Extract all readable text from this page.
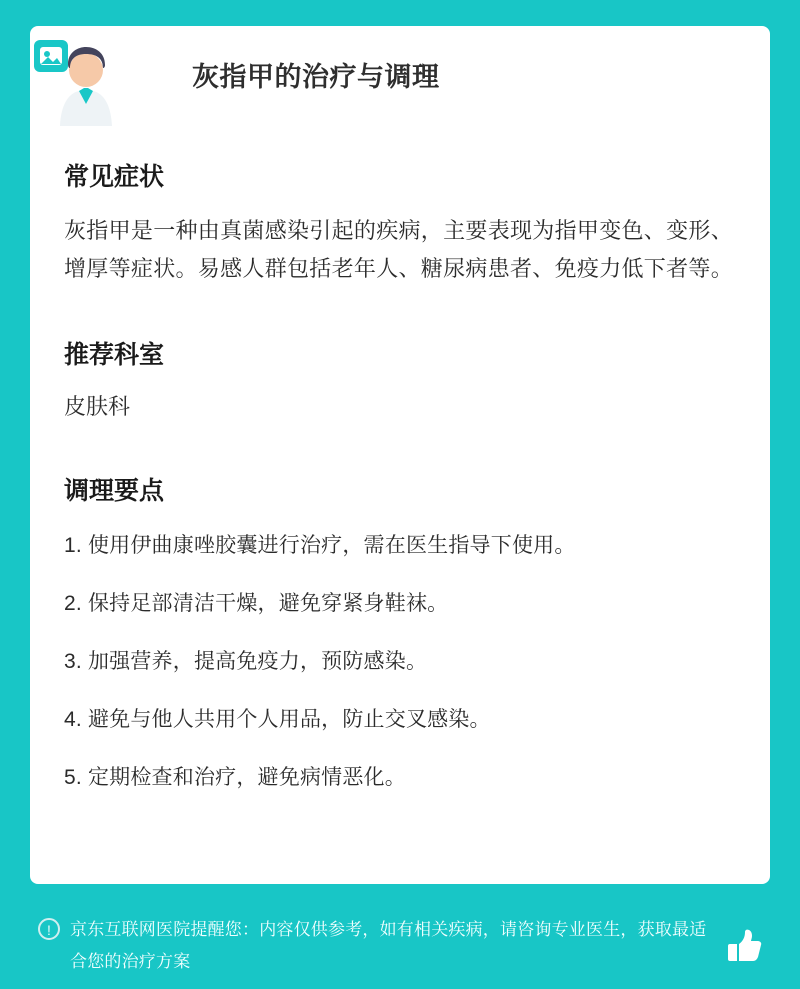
灰指甲的治疗与调理
常见症状

灰指甲是一种由真菌感染引起的疾病，主要表现为指甲变色、变形、增厚等症状。易感人群包括老年人、糖尿病患者、免疫力低下者等。

推荐科室

皮肤科

调理要点

1. 使用伊曲康唑胶囊进行治疗，需在医生指导下使用。

2. 保持足部清洁干燥，避免穿紧身鞋袜。

3. 加强营养，提高免疫力，预防感染。

4. 避免与他人共用个人用品，防止交叉感染。

5. 定期检查和治疗，避免病情恶化。

!	京东互联网医院提醒您：内容仅供参考，如有相关疾病，请咨询专业医生，获取最适合您的治疗方案
